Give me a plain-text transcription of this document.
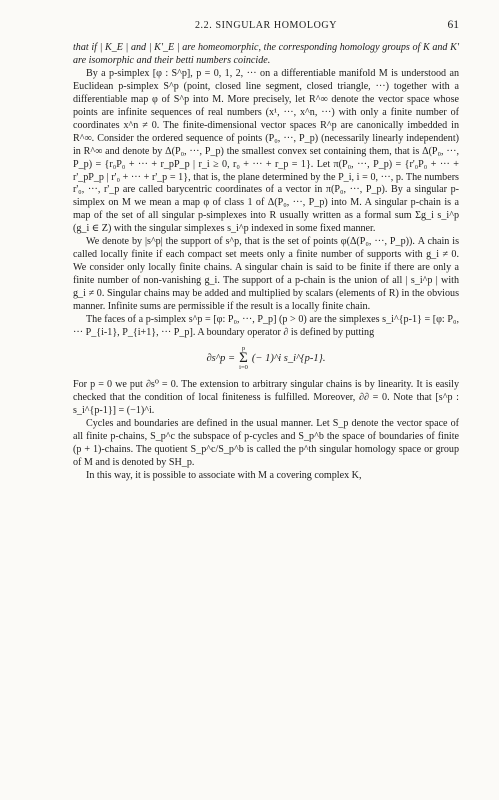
2.2. SINGULAR HOMOLOGY	61

that if | K_E | and | K'_E | are homeomorphic, the corresponding homology groups of K and K' are isomorphic and their betti numbers coincide.

By a p-simplex [φ : S^p], p = 0, 1, 2, ··· on a differentiable manifold M is understood an Euclidean p-simplex S^p (point, closed line segment, closed triangle, ···) together with a differentiable map φ of S^p into M. More precisely, let R^∞ denote the vector space whose points are infinite sequences of real numbers (x¹, ···, x^n, ···) with only a finite number of coordinates x^n ≠ 0. The finite-dimensional vector spaces R^p are canonically imbedded in R^∞. Consider the ordered sequence of points (P₀, ···, P_p) (necessarily linearly independent) in R^∞ and denote by Δ(P₀, ···, P_p) the smallest convex set containing them, that is Δ(P₀, ···, P_p) = {r₀P₀ + ··· + r_pP_p | r_i ≥ 0, r₀ + ··· + r_p = 1}. Let π(P₀, ···, P_p) = {r'₀P₀ + ··· + r'_pP_p | r'₀ + ··· + r'_p = 1}, that is, the plane determined by the P_i, i = 0, ···, p. The numbers r'₀, ···, r'_p are called barycentric coordinates of a vector in π(P₀, ···, P_p). By a singular p-simplex on M we mean a map φ of class 1 of Δ(P₀, ···, P_p) into M. A singular p-chain is a map of the set of all singular p-simplexes into R usually written as a formal sum Σg_i s_i^p (g_i ∈ Z) with the singular simplexes s_i^p indexed in some fixed manner.

We denote by |s^p| the support of s^p, that is the set of points φ(Δ(P₀, ···, P_p)). A chain is called locally finite if each compact set meets only a finite number of supports with g_i ≠ 0. We consider only locally finite chains. A singular chain is said to be finite if there are only a finite number of non-vanishing g_i. The support of a p-chain is the union of all | s_i^p | with g_i ≠ 0. Singular chains may be added and multiplied by scalars (elements of R) in the obvious manner. Infinite sums are permissible if the result is a locally finite chain.

The faces of a p-simplex s^p = [φ: P₀, ···, P_p] (p > 0) are the simplexes s_i^{p-1} = [φ: P₀, ··· P_{i-1}, P_{i+1}, ··· P_p]. A boundary operator ∂ is defined by putting

∂s^p =
p
Σ
i=0
(− 1)^i s_i^{p-1}.

For p = 0 we put ∂s⁰ = 0. The extension to arbitrary singular chains is by linearity. It is easily checked that the condition of local finiteness is fulfilled. Moreover, ∂∂ = 0. Note that [s^p : s_i^{p-1}] = (−1)^i.

Cycles and boundaries are defined in the usual manner. Let S_p denote the vector space of all finite p-chains, S_p^c the subspace of p-cycles and S_p^b the space of boundaries of finite (p + 1)-chains. The quotient S_p^c/S_p^b is called the p^th singular homology space or group of M and is denoted by SH_p.

In this way, it is possible to associate with M a covering complex K,
